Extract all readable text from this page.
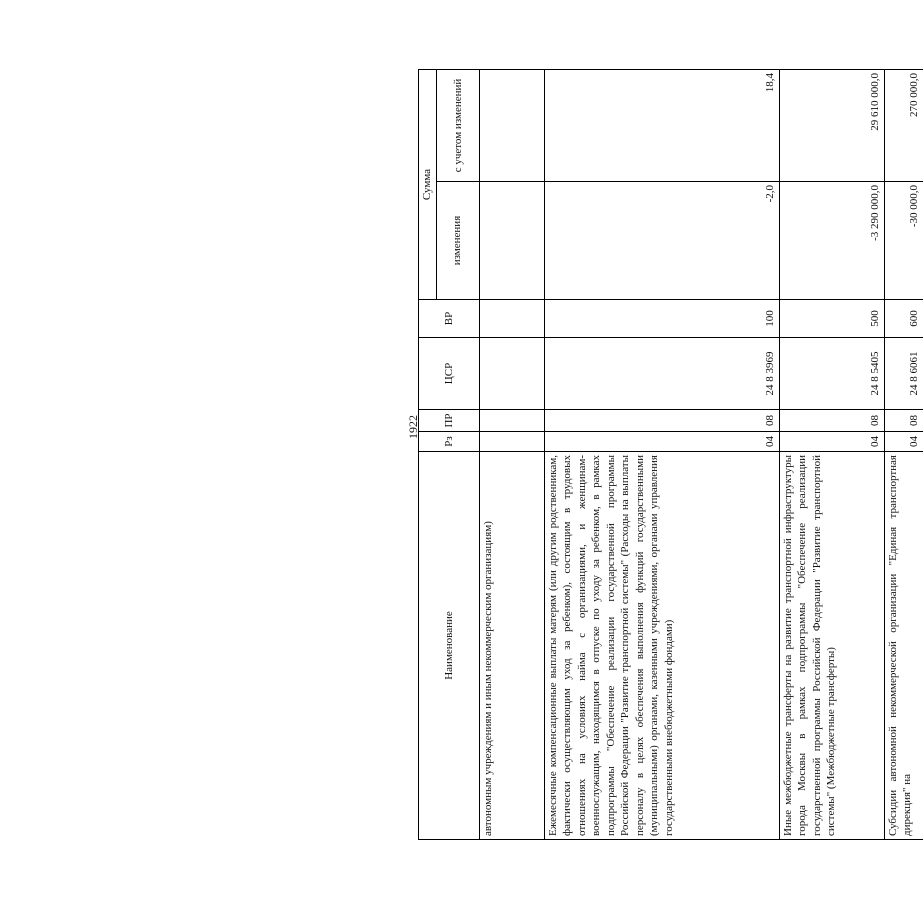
1922
Наименование	Рз	ПР	ЦСР	ВР	Сумма	
					изменения	с учетом изменений
автономным учреждениям и иным некоммерческим организациям)						
Ежемесячные компенсационные выплаты матерям (или другим родственникам, фактически осуществляющим уход за ребенком), состоящим в трудовых отношениях на условиях найма с организациями, и женщинам-военнослужащим, находящимся в отпуске по уходу за ребенком, в рамках подпрограммы "Обеспечение реализации государственной программы Российской Федерации "Развитие транспортной системы" (Расходы на выплаты персоналу в целях обеспечения выполнения функций государственными (муниципальными) органами, казенными учреждениями, органами управления государственными внебюджетными фондами)	04	08	24 8 3969	100	-2,0	18,4
Иные межбюджетные трансферты на развитие транспортной инфраструктуры города Москвы в рамках подпрограммы "Обеспечение реализации государственной программы Российской Федерации "Развитие транспортной системы" (Межбюджетные трансферты)	04	08	24 8 5405	500	-3 290 000,0	29 610 000,0
Субсидии автономной некоммерческой организации "Единая транспортная дирекция" на	04	08	24 8 6061	600	-30 000,0	270 000,0
